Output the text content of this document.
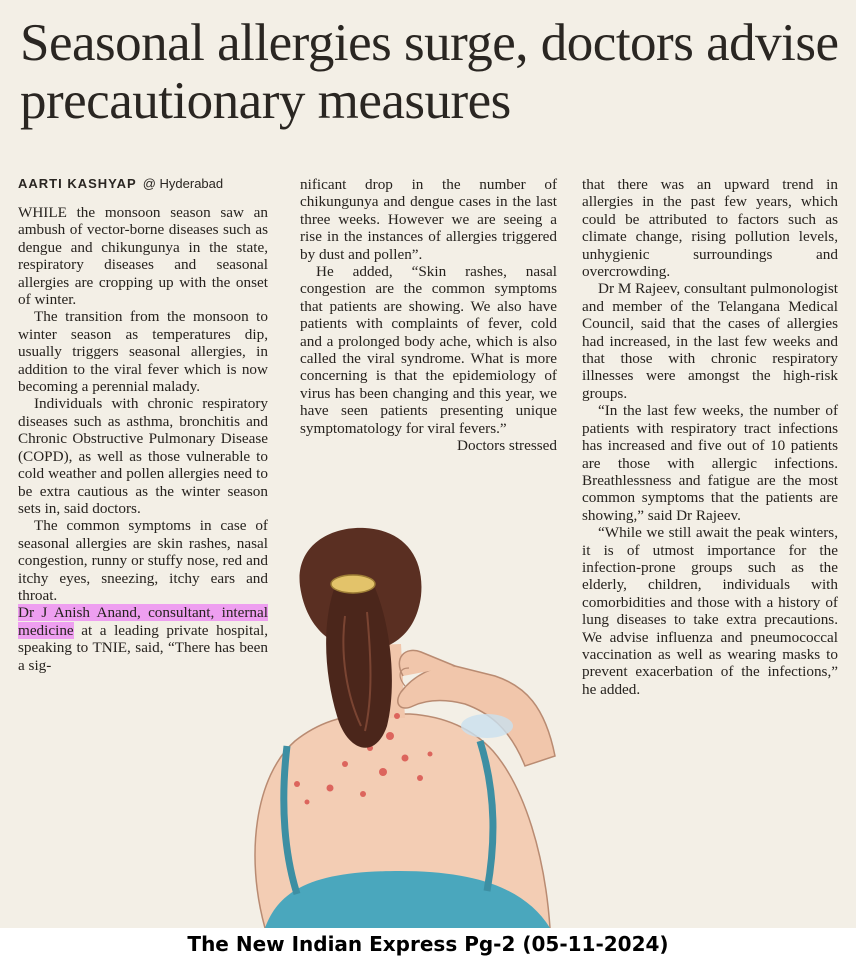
Seasonal allergies surge, doctors advise precautionary measures
AARTI KASHYAP @ Hyderabad

WHILE the monsoon season saw an ambush of vector-borne diseases such as dengue and chikungunya in the state, respiratory diseases and seasonal allergies are cropping up with the onset of winter.

The transition from the monsoon to winter season as temperatures dip, usually triggers seasonal allergies, in addition to the viral fever which is now becoming a perennial malady.

Individuals with chronic respiratory diseases such as asthma, bronchitis and Chronic Obstructive Pulmonary Disease (COPD), as well as those vulnerable to cold weather and pollen allergies need to be extra cautious as the winter season sets in, said doctors.

The common symptoms in case of seasonal allergies are skin rashes, nasal congestion, runny or stuffy nose, red and itchy eyes, sneezing, itchy ears and throat.

Dr J Anish Anand, consultant, internal medicine at a leading private hospital, speaking to TNIE, said, “There has been a sig-

nificant drop in the number of chikungunya and dengue cases in the last three weeks. However we are seeing a rise in the instances of allergies triggered by dust and pollen”.

He added, “Skin rashes, nasal congestion are the common symptoms that patients are showing. We also have patients with complaints of fever, cold and a prolonged body ache, which is also called the viral syndrome. What is more concerning is that the epidemiology of virus has been changing and this year, we have seen patients presenting unique symptomatology for viral fevers.”

Doctors stressed

that there was an upward trend in allergies in the past few years, which could be attributed to factors such as climate change, rising pollution levels, unhygienic surroundings and overcrowding.

Dr M Rajeev, consultant pulmonologist and member of the Telangana Medical Council, said that the cases of allergies had increased, in the last few weeks and that those with chronic respiratory illnesses were amongst the high-risk groups.

“In the last few weeks, the number of patients with respiratory tract infections has increased and five out of 10 patients are those with allergic infections. Breathlessness and fatigue are the most common symptoms that the patients are showing,” said Dr Rajeev.

“While we still await the peak winters, it is of utmost importance for the infection-prone groups such as the elderly, children, individuals with comorbidities and those with a history of lung diseases to take extra precautions. We advise influenza and pneumococcal vaccination as well as wearing masks to prevent exacerbation of the infections,” he added.

The New Indian Express Pg-2 (05-11-2024)
